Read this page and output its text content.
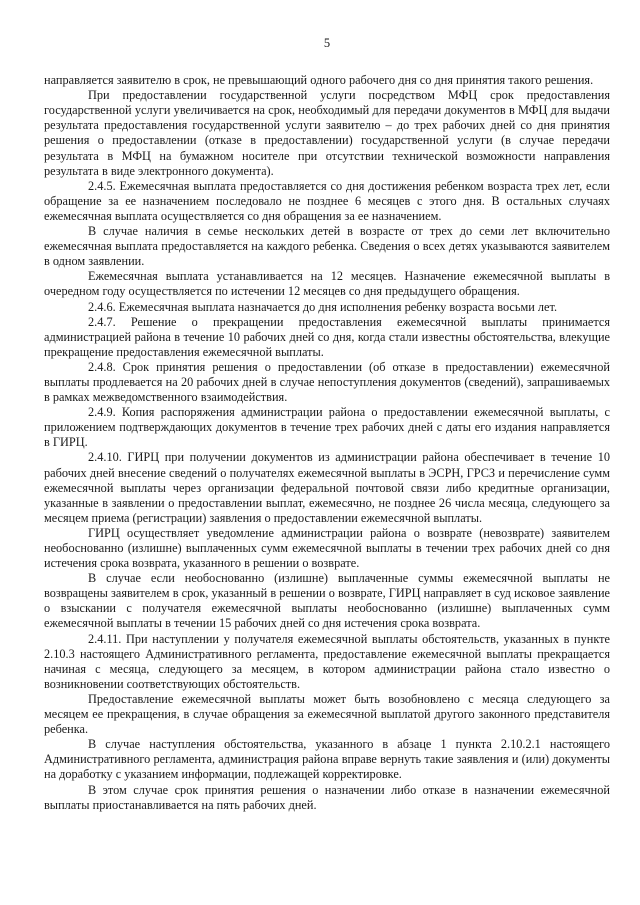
5

направляется заявителю в срок, не превышающий одного рабочего дня со дня принятия такого решения.

При предоставлении государственной услуги посредством МФЦ срок предоставления государственной услуги увеличивается на срок, необходимый для передачи документов в МФЦ для выдачи результата предоставления государственной услуги заявителю – до трех рабочих дней со дня принятия решения о предоставлении (отказе в предоставлении) государственной услуги (в случае передачи результата в МФЦ на бумажном носителе при отсутствии технической возможности направления результата в виде электронного документа).

2.4.5. Ежемесячная выплата предоставляется со дня достижения ребенком возраста трех лет, если обращение за ее назначением последовало не позднее 6 месяцев с этого дня. В остальных случаях ежемесячная выплата осуществляется со дня обращения за ее назначением.

В случае наличия в семье нескольких детей в возрасте от трех до семи лет включительно ежемесячная выплата предоставляется на каждого ребенка. Сведения о всех детях указываются заявителем в одном заявлении.

Ежемесячная выплата устанавливается на 12 месяцев. Назначение ежемесячной выплаты в очередном году осуществляется по истечении 12 месяцев со дня предыдущего обращения.

2.4.6. Ежемесячная выплата назначается до дня исполнения ребенку возраста восьми лет.

2.4.7. Решение о прекращении предоставления ежемесячной выплаты принимается администрацией района в течение 10 рабочих дней со дня, когда стали известны обстоятельства, влекущие прекращение предоставления ежемесячной выплаты.

2.4.8. Срок принятия решения о предоставлении (об отказе в предоставлении) ежемесячной выплаты продлевается на 20 рабочих дней в случае непоступления документов (сведений), запрашиваемых в рамках межведомственного взаимодействия.

2.4.9. Копия распоряжения администрации района о предоставлении ежемесячной выплаты, с приложением подтверждающих документов в течение трех рабочих дней с даты его издания направляется в ГИРЦ.

2.4.10. ГИРЦ при получении документов из администрации района обеспечивает в течение 10 рабочих дней внесение сведений о получателях ежемесячной выплаты в ЭСРН, ГРСЗ и перечисление сумм ежемесячной выплаты через организации федеральной почтовой связи либо кредитные организации, указанные в заявлении о предоставлении выплат, ежемесячно, не позднее 26 числа месяца, следующего за месяцем приема (регистрации) заявления о предоставлении ежемесячной выплаты.

ГИРЦ осуществляет уведомление администрации района о возврате (невозврате) заявителем необоснованно (излишне) выплаченных сумм ежемесячной выплаты в течении трех рабочих дней со дня истечения срока возврата, указанного в решении о возврате.

В случае если необоснованно (излишне) выплаченные суммы ежемесячной выплаты не возвращены заявителем в срок, указанный в решении о возврате, ГИРЦ направляет в суд исковое заявление о взыскании с получателя ежемесячной выплаты необоснованно (излишне) выплаченных сумм ежемесячной выплаты в течении 15 рабочих дней со дня истечения срока возврата.

2.4.11. При наступлении у получателя ежемесячной выплаты обстоятельств, указанных в пункте 2.10.3 настоящего Административного регламента, предоставление ежемесячной выплаты прекращается начиная с месяца, следующего за месяцем, в котором администрации района стало известно о возникновении соответствующих обстоятельств.

Предоставление ежемесячной выплаты может быть возобновлено с месяца следующего за месяцем ее прекращения, в случае обращения за ежемесячной выплатой другого законного представителя ребенка.

В случае наступления обстоятельства, указанного в абзаце 1 пункта 2.10.2.1 настоящего Административного регламента, администрация района вправе вернуть такие заявления и (или) документы на доработку с указанием информации, подлежащей корректировке.

В этом случае срок принятия решения о назначении либо отказе в назначении ежемесячной выплаты приостанавливается на пять рабочих дней.
